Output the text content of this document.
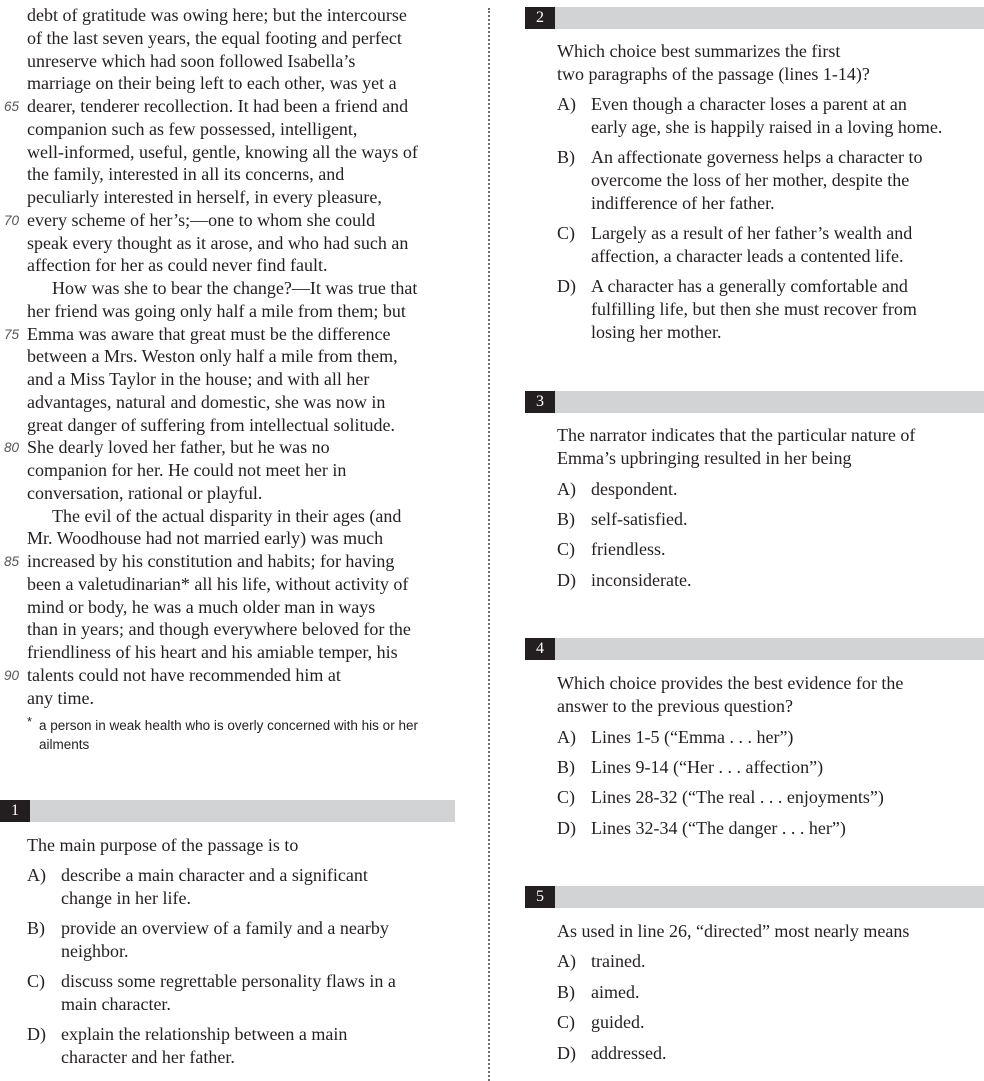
debt of gratitude was owing here; but the intercourse
of the last seven years, the equal footing and perfect
unreserve which had soon followed Isabella’s
marriage on their being left to each other, was yet a
65 dearer, tenderer recollection. It had been a friend and
companion such as few possessed, intelligent,
well-informed, useful, gentle, knowing all the ways of
the family, interested in all its concerns, and
peculiarly interested in herself, in every pleasure,
70 every scheme of her’s;—one to whom she could
speak every thought as it arose, and who had such an
affection for her as could never find fault.
How was she to bear the change?—It was true that
her friend was going only half a mile from them; but
75 Emma was aware that great must be the difference
between a Mrs. Weston only half a mile from them,
and a Miss Taylor in the house; and with all her
advantages, natural and domestic, she was now in
great danger of suffering from intellectual solitude.
80 She dearly loved her father, but he was no
companion for her. He could not meet her in
conversation, rational or playful.
The evil of the actual disparity in their ages (and
Mr. Woodhouse had not married early) was much
85 increased by his constitution and habits; for having
been a valetudinarian* all his life, without activity of
mind or body, he was a much older man in ways
than in years; and though everywhere beloved for the
friendliness of his heart and his amiable temper, his
90 talents could not have recommended him at
any time.
* a person in weak health who is overly concerned with his or her
ailments
1
The main purpose of the passage is to
A) describe a main character and a significant
change in her life.
B) provide an overview of a family and a nearby
neighbor.
C) discuss some regrettable personality flaws in a
main character.
D) explain the relationship between a main
character and her father.
2
Which choice best summarizes the first
two paragraphs of the passage (lines 1-14)?
A) Even though a character loses a parent at an
early age, she is happily raised in a loving home.
B) An affectionate governess helps a character to
overcome the loss of her mother, despite the
indifference of her father.
C) Largely as a result of her father’s wealth and
affection, a character leads a contented life.
D) A character has a generally comfortable and
fulfilling life, but then she must recover from
losing her mother.
3
The narrator indicates that the particular nature of
Emma’s upbringing resulted in her being
A) despondent.
B) self-satisfied.
C) friendless.
D) inconsiderate.
4
Which choice provides the best evidence for the
answer to the previous question?
A) Lines 1-5 (“Emma . . . her”)
B) Lines 9-14 (“Her . . . affection”)
C) Lines 28-32 (“The real . . . enjoyments”)
D) Lines 32-34 (“The danger . . . her”)
5
As used in line 26, “directed” most nearly means
A) trained.
B) aimed.
C) guided.
D) addressed.
